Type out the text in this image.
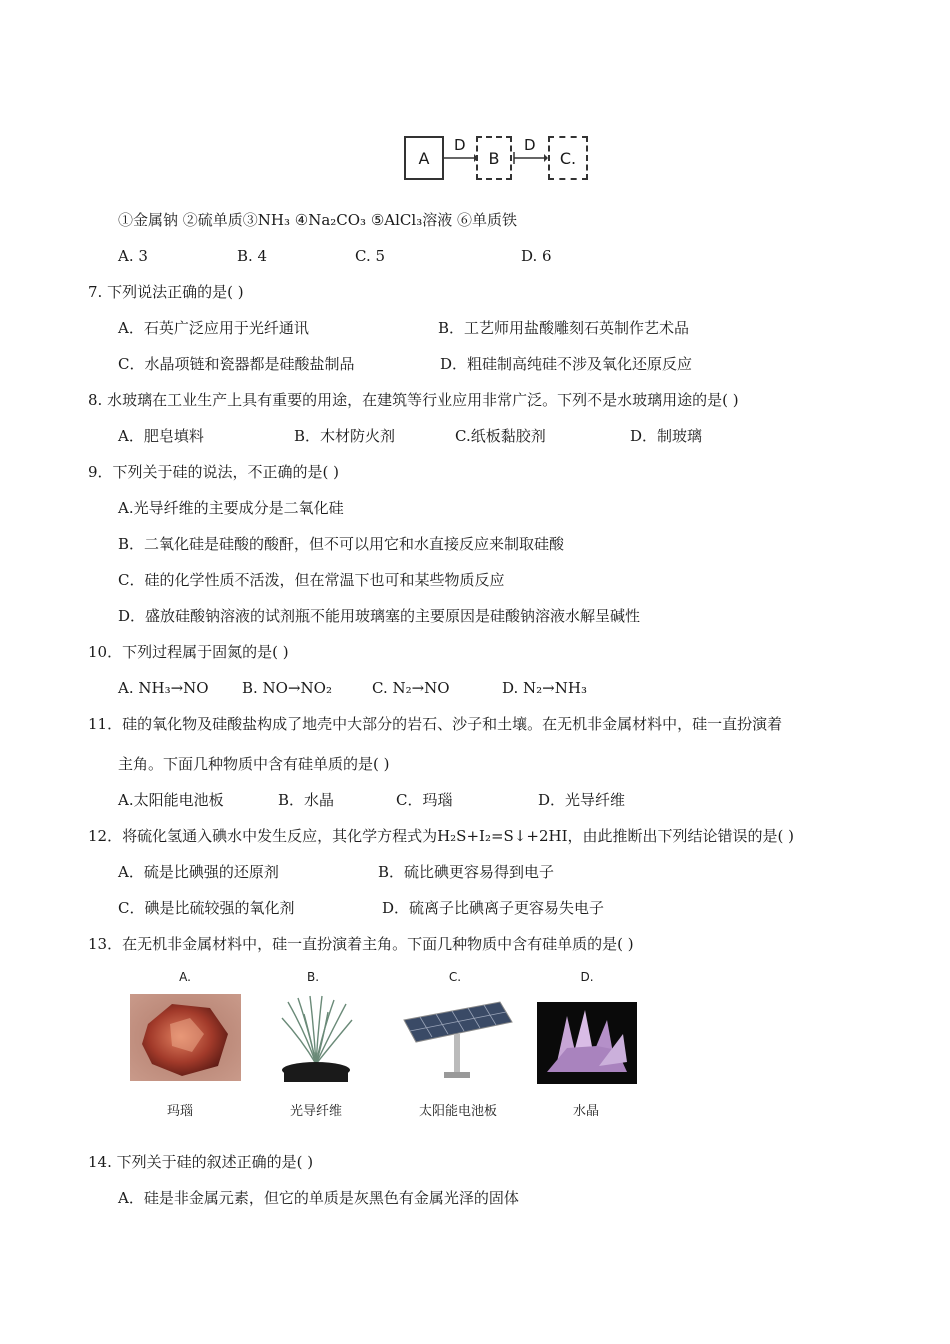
A
D
B
D
C.
①金属钠 ②硫单质③NH₃ ④Na₂CO₃ ⑤AlCl₃溶液 ⑥单质铁
A. 3	B. 4	C. 5	D. 6
7. 下列说法正确的是( )
A．石英广泛应用于光纤通讯	B．工艺师用盐酸雕刻石英制作艺术品
C．水晶项链和瓷器都是硅酸盐制品	D．粗硅制高纯硅不涉及氧化还原反应
8. 水玻璃在工业生产上具有重要的用途，在建筑等行业应用非常广泛。下列不是水玻璃用途的是( )
A．肥皂填料	B．木材防火剂	C.纸板黏胶剂	D．制玻璃
9．下列关于硅的说法，不正确的是( )
A.光导纤维的主要成分是二氧化硅
B．二氧化硅是硅酸的酸酐，但不可以用它和水直接反应来制取硅酸
C．硅的化学性质不活泼，但在常温下也可和某些物质反应
D．盛放硅酸钠溶液的试剂瓶不能用玻璃塞的主要原因是硅酸钠溶液水解呈碱性
10．下列过程属于固氮的是( )
A. NH₃→NO B. NO→NO₂	C. N₂→NO	D. N₂→NH₃
11．硅的氧化物及硅酸盐构成了地壳中大部分的岩石、沙子和土壤。在无机非金属材料中，硅一直扮演着
主角。下面几种物质中含有硅单质的是( )
A.太阳能电池板	B．水晶	C．玛瑙	D．光导纤维
12．将硫化氢通入碘水中发生反应，其化学方程式为H₂S+I₂=S↓+2HI，由此推断出下列结论错误的是( )
A．硫是比碘强的还原剂	B．硫比碘更容易得到电子
C．碘是比硫较强的氧化剂	D．硫离子比碘离子更容易失电子
13．在无机非金属材料中，硅一直扮演着主角。下面几种物质中含有硅单质的是( )
A.
玛瑙
B.
光导纤维
C.
太阳能电池板
D.
水晶
14. 下列关于硅的叙述正确的是( )
A．硅是非金属元素，但它的单质是灰黑色有金属光泽的固体
